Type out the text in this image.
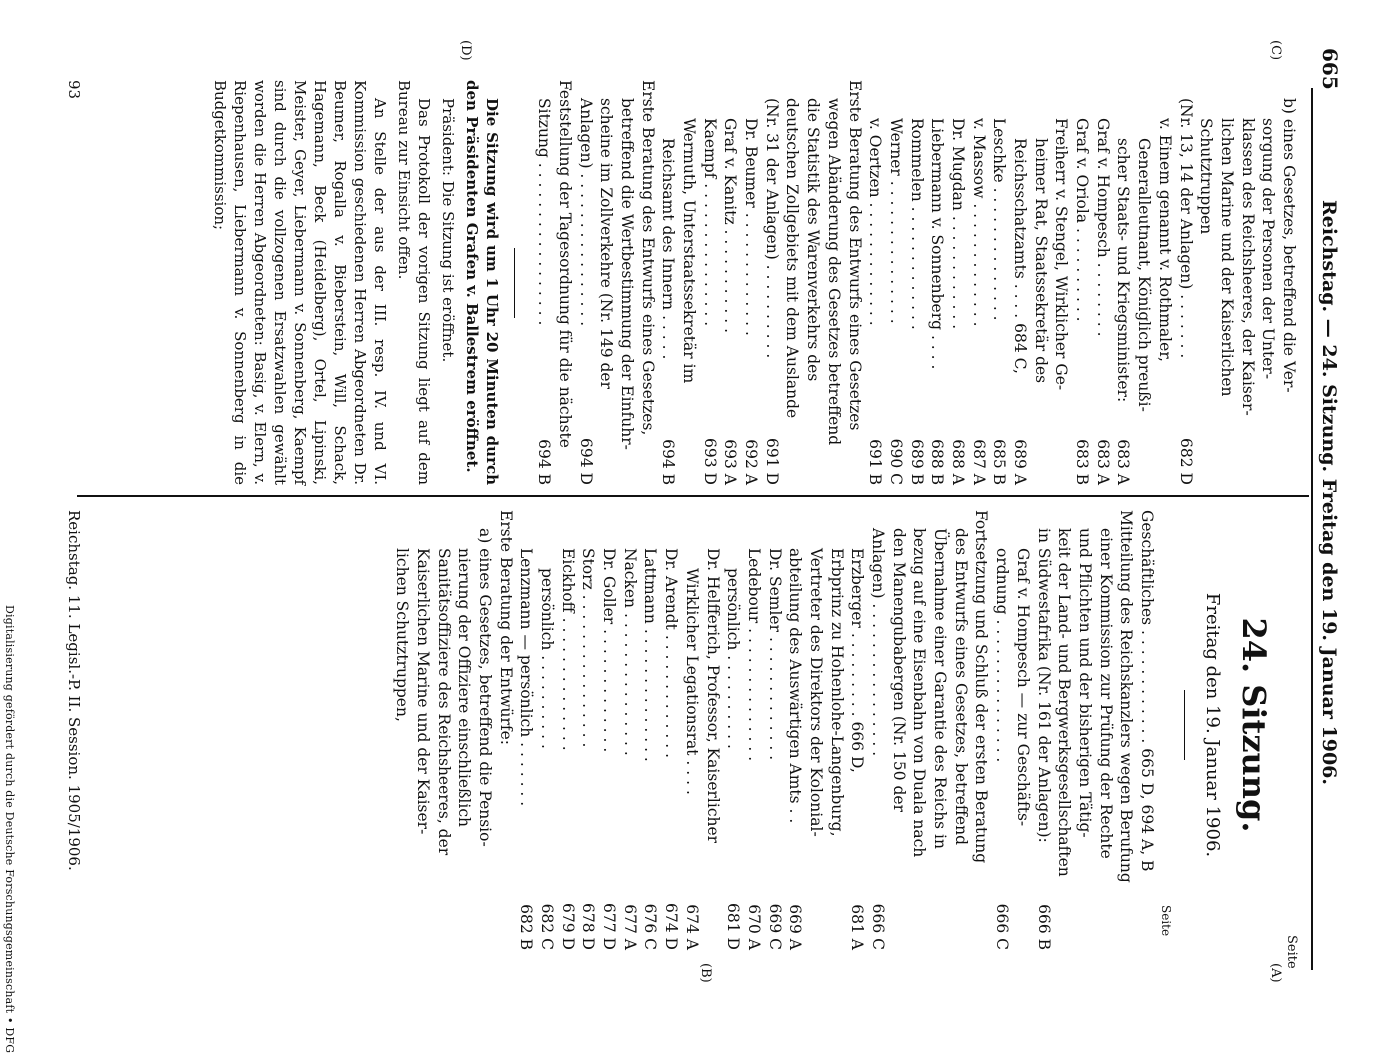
665
Reichstag. — 24. Sitzung. Freitag den 19. Januar 1906.
Seite
(C)
(D)
(A)
(B)
b) eines Gesetzes, betreffend die Ver-
sorgung der Personen der Unter-
klassen des Reichsheeres, der Kaiser-
lichen Marine und der Kaiserlichen
Schutztruppen
(Nr. 13, 14 der Anlagen) . . . . . . .
682 D
v. Einem genannt v. Rothmaler,
Generalleutnant, Königlich preußi-
scher Staats- und Kriegsminister:
683 A
Graf v. Hompesch . . . . . . . .
683 A
Graf v. Oriola . . . . . . . . . .
683 B
Freiherr v. Stengel, Wirklicher Ge-
heimer Rat, Staatssekretär des
Reichsschatzamts . . . . 684 C,
689 A
Leschke . . . . . . . . . . . . . .
685 B
v. Massow . . . . . . . . . . . . .
687 A
Dr. Mugdan . . . . . . . . . . . .
688 A
Liebermann v. Sonnenberg . . . .
688 B
Rommelen . . . . . . . . . . . . .
689 B
Werner . . . . . . . . . . . . . . .
690 C
v. Oertzen . . . . . . . . . . . . .
691 B
Erste Beratung des Entwurfs eines Gesetzes
wegen Abänderung des Gesetzes betreffend
die Statistik des Warenverkehrs des
deutschen Zollgebiets mit dem Auslande
(Nr. 31 der Anlagen) . . . . . . . . . .
691 D
Dr. Beumer . . . . . . . . . . . . .
692 A
Graf v. Kanitz . . . . . . . . . . .
693 A
Kaempf . . . . . . . . . . . . . . .
693 D
Wermuth, Unterstaatssekretär im
Reichsamt des Innern . . . . .
694 B
Erste Beratung des Entwurfs eines Gesetzes,
betreffend die Wertbestimmung der Einfuhr-
scheine im Zollverkehre (Nr. 149 der
Anlagen) . . . . . . . . . . . . . . . .
694 D
Feststellung der Tagesordnung für die nächste
Sitzung . . . . . . . . . . . . . . . . .
694 B

Die Sitzung wird um 1 Uhr 20 Minuten durch den Präsidenten Grafen v. Ballestrem eröffnet.

Präsident: Die Sitzung ist eröffnet.

Das Protokoll der vorigen Sitzung liegt auf dem Bureau zur Einsicht offen.

An Stelle der aus der III. resp. IV. und VI. Kommission geschiedenen Herren Abgeordneten Dr. Beumer, Rogalla v. Bieberstein, Will, Schack, Hagemann, Beck (Heidelberg), Ortel, Lipinski, Meister, Geyer, Liebermann v. Sonnenberg, Kaempf sind durch die vollzogenen Ersatzwahlen gewählt worden die Herren Abgeordneten: Basig, v. Elern, v. Riepenhausen, Liebermann v. Sonnenberg in die Budgetkommission;

24. Sitzung.
Freitag den 19. Januar 1906.
Seite
Geschäftliches . . . . . . . . . . . . 665 D, 694 A, B
Mitteilung des Reichskanzlers wegen Berufung
einer Kommission zur Prüfung der Rechte
und Pflichten und der bisherigen Tätig-
keit der Land- und Bergwerksgesellschaften
in Südwestafrika (Nr. 161 der Anlagen):
666 B
Graf v. Hompesch — zur Geschäfts-
ordnung . . . . . . . . . . . . . . .
666 C
Fortsetzung und Schluß der ersten Beratung
des Entwurfs eines Gesetzes, betreffend
Übernahme einer Garantie des Reichs in
bezug auf eine Eisenbahn von Duala nach
den Manengubabergen (Nr. 150 der
Anlagen) . . . . . . . . . . . . . . . .
666 C
Erzberger . . . . . . . . . 666 D,
681 A
Erbprinz zu Hohenlohe-Langenburg,
Vertreter des Direktors der Kolonial-
abteilung des Auswärtigen Amts . .
669 A
Dr. Semler . . . . . . . . . . . . .
669 C
Ledebour . . . . . . . . . . . . . .
670 A
persönlich . . . . . . . . . .
681 D
Dr. Helfferich, Professor, Kaiserlicher
Wirklicher Legationsrat . . . .
674 A
Dr. Arendt . . . . . . . . . . . . .
674 D
Lattmann . . . . . . . . . . . . . .
676 C
Nacken . . . . . . . . . . . . . . .
677 A
Dr. Goller . . . . . . . . . . . . .
677 D
Storz . . . . . . . . . . . . . . . .
678 D
Eickhoff . . . . . . . . . . . . . .
679 D
persönlich . . . . . . . . . .
682 C
Lenzmann — persönlich . . . . . . .
682 B
Erste Beratung der Entwürfe:
a) eines Gesetzes, betreffend die Pensio-
nierung der Offiziere einschließlich
Sanitätsoffiziere des Reichsheeres, der
Kaiserlichen Marine und der Kaiser-
lichen Schutztruppen,
Reichstag. 11. Legisl.-P. II. Session. 1905/1906.
93
Digitalisierung gefördert durch die Deutsche Forschungsgemeinschaft • DFG
